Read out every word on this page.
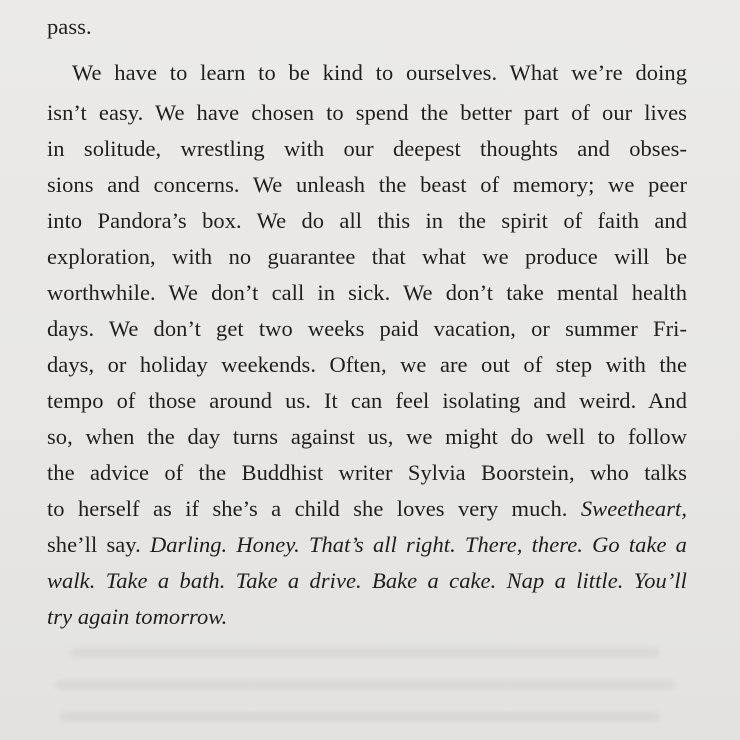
pass.
We have to learn to be kind to ourselves. What we’re doing
isn’t easy. We have chosen to spend the better part of our lives
in solitude, wrestling with our deepest thoughts and obses-
sions and concerns. We unleash the beast of memory; we peer
into Pandora’s box. We do all this in the spirit of faith and
exploration, with no guarantee that what we produce will be
worthwhile. We don’t call in sick. We don’t take mental health
days. We don’t get two weeks paid vacation, or summer Fri-
days, or holiday weekends. Often, we are out of step with the
tempo of those around us. It can feel isolating and weird. And
so, when the day turns against us, we might do well to follow
the advice of the Buddhist writer Sylvia Boorstein, who talks
to herself as if she’s a child she loves very much. Sweetheart,
she’ll say. Darling. Honey. That’s all right. There, there. Go take a
walk. Take a bath. Take a drive. Bake a cake. Nap a little. You’ll
try again tomorrow.
